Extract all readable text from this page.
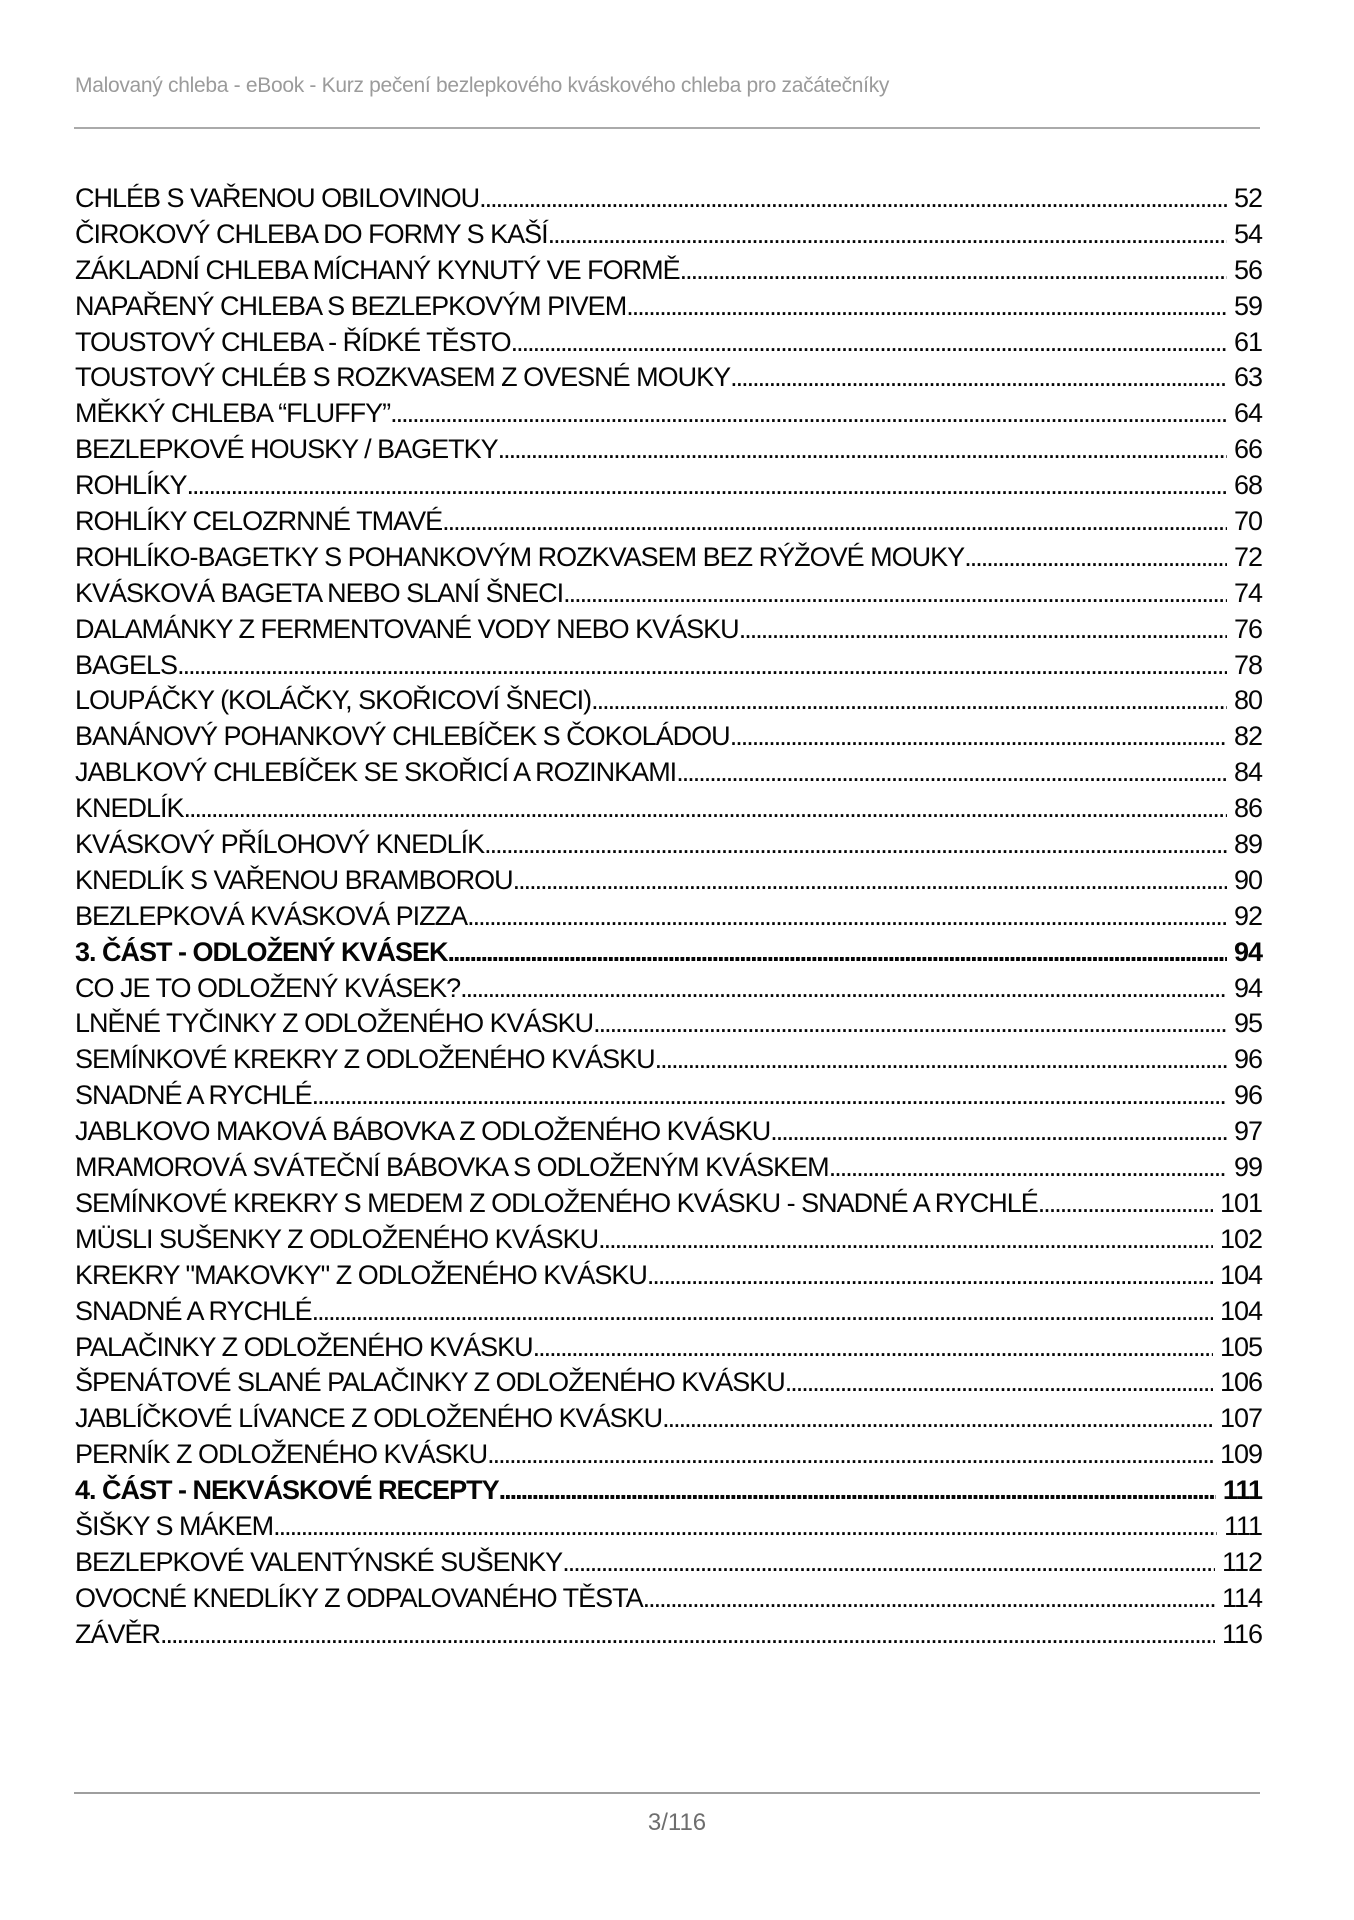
Malovaný chleba - eBook - Kurz pečení bezlepkového kváskového chleba pro začátečníky
CHLÉB S VAŘENOU OBILOVINOU .....	52
ČIROKOVÝ CHLEBA DO FORMY S KAŠÍ .....	54
ZÁKLADNÍ CHLEBA MÍCHANÝ KYNUTÝ VE FORMĚ .....	56
NAPAŘENÝ CHLEBA S BEZLEPKOVÝM PIVEM .....	59
TOUSTOVÝ CHLEBA - ŘÍDKÉ TĚSTO .....	61
TOUSTOVÝ CHLÉB S ROZKVASEM Z OVESNÉ MOUKY .....	63
MĚKKÝ CHLEBA “FLUFFY” .....	64
BEZLEPKOVÉ HOUSKY / BAGETKY .....	66
ROHLÍKY .....	68
ROHLÍKY CELOZRNNÉ TMAVÉ .....	70
ROHLÍKO-BAGETKY S POHANKOVÝM ROZKVASEM BEZ RÝŽOVÉ MOUKY .....	72
KVÁSKOVÁ BAGETA NEBO SLANÍ ŠNECI .....	74
DALAMÁNKY Z FERMENTOVANÉ VODY NEBO KVÁSKU .....	76
BAGELS .....	78
LOUPÁČKY (KOLÁČKY, SKOŘICOVÍ ŠNECI) .....	80
BANÁNOVÝ POHANKOVÝ CHLEBÍČEK S ČOKOLÁDOU .....	82
JABLKOVÝ CHLEBÍČEK SE SKOŘICÍ A ROZINKAMI .....	84
KNEDLÍK .....	86
KVÁSKOVÝ PŘÍLOHOVÝ KNEDLÍK .....	89
KNEDLÍK S VAŘENOU BRAMBOROU .....	90
BEZLEPKOVÁ KVÁSKOVÁ PIZZA .....	92
3. ČÁST - ODLOŽENÝ KVÁSEK .....	94
CO JE TO ODLOŽENÝ KVÁSEK? .....	94
LNĚNÉ TYČINKY Z ODLOŽENÉHO KVÁSKU .....	95
SEMÍNKOVÉ KREKRY Z ODLOŽENÉHO KVÁSKU .....	96
SNADNÉ A RYCHLÉ .....	96
JABLKOVO MAKOVÁ BÁBOVKA Z ODLOŽENÉHO KVÁSKU .....	97
MRAMOROVÁ SVÁTEČNÍ BÁBOVKA S ODLOŽENÝM KVÁSKEM .....	99
SEMÍNKOVÉ KREKRY S MEDEM Z ODLOŽENÉHO KVÁSKU - SNADNÉ A RYCHLÉ .....	101
MÜSLI SUŠENKY Z ODLOŽENÉHO KVÁSKU .....	102
KREKRY "MAKOVKY" Z ODLOŽENÉHO KVÁSKU .....	104
SNADNÉ A RYCHLÉ .....	104
PALAČINKY Z ODLOŽENÉHO KVÁSKU .....	105
ŠPENÁTOVÉ SLANÉ PALAČINKY Z ODLOŽENÉHO KVÁSKU .....	106
JABLÍČKOVÉ LÍVANCE Z ODLOŽENÉHO KVÁSKU .....	107
PERNÍK Z ODLOŽENÉHO KVÁSKU .....	109
4. ČÁST - NEKVÁSKOVÉ RECEPTY .....	111
ŠIŠKY S MÁKEM .....	111
BEZLEPKOVÉ VALENTÝNSKÉ SUŠENKY .....	112
OVOCNÉ KNEDLÍKY Z ODPALOVANÉHO TĚSTA .....	114
ZÁVĚR .....	116
3/116
